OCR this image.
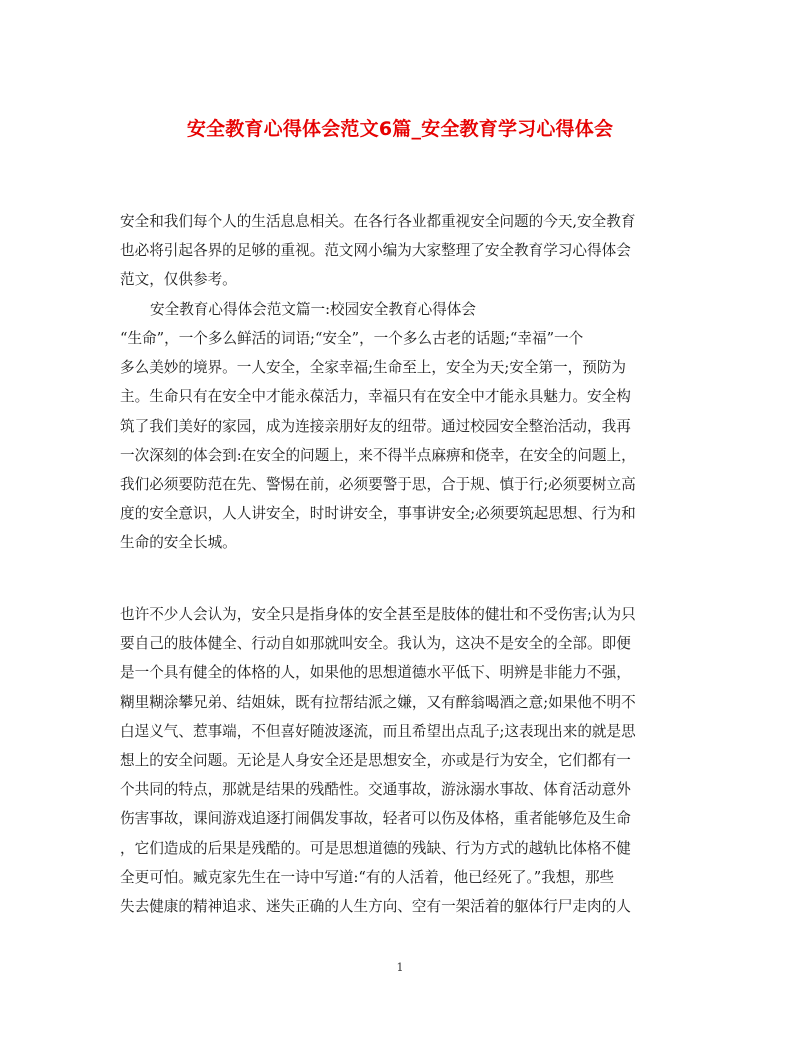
安全教育心得体会范文6篇_安全教育学习心得体会
安全和我们每个人的生活息息相关。在各行各业都重视安全问题的今天,安全教育
也必将引起各界的足够的重视。范文网小编为大家整理了安全教育学习心得体会
范文，仅供参考。
安全教育心得体会范文篇一:校园安全教育心得体会
“生命”，一个多么鲜活的词语;“安全”，一个多么古老的话题;“幸福”一个
多么美妙的境界。一人安全，全家幸福;生命至上，安全为天;安全第一，预防为
主。生命只有在安全中才能永葆活力，幸福只有在安全中才能永具魅力。安全构
筑了我们美好的家园，成为连接亲朋好友的纽带。通过校园安全整治活动，我再
一次深刻的体会到:在安全的问题上，来不得半点麻痹和侥幸，在安全的问题上，
我们必须要防范在先、警惕在前，必须要警于思，合于规、慎于行;必须要树立高
度的安全意识，人人讲安全，时时讲安全，事事讲安全;必须要筑起思想、行为和
生命的安全长城。
也许不少人会认为，安全只是指身体的安全甚至是肢体的健壮和不受伤害;认为只
要自己的肢体健全、行动自如那就叫安全。我认为，这决不是安全的全部。即便
是一个具有健全的体格的人，如果他的思想道德水平低下、明辨是非能力不强，
糊里糊涂攀兄弟、结姐妹，既有拉帮结派之嫌，又有醉翁喝酒之意;如果他不明不
白逞义气、惹事端，不但喜好随波逐流，而且希望出点乱子;这表现出来的就是思
想上的安全问题。无论是人身安全还是思想安全，亦或是行为安全，它们都有一
个共同的特点，那就是结果的残酷性。交通事故，游泳溺水事故、体育活动意外
伤害事故，课间游戏追逐打闹偶发事故，轻者可以伤及体格，重者能够危及生命
，它们造成的后果是残酷的。可是思想道德的残缺、行为方式的越轨比体格不健
全更可怕。臧克家先生在一诗中写道:“有的人活着，他已经死了。”我想，那些
失去健康的精神追求、迷失正确的人生方向、空有一架活着的躯体行尸走肉的人
1
